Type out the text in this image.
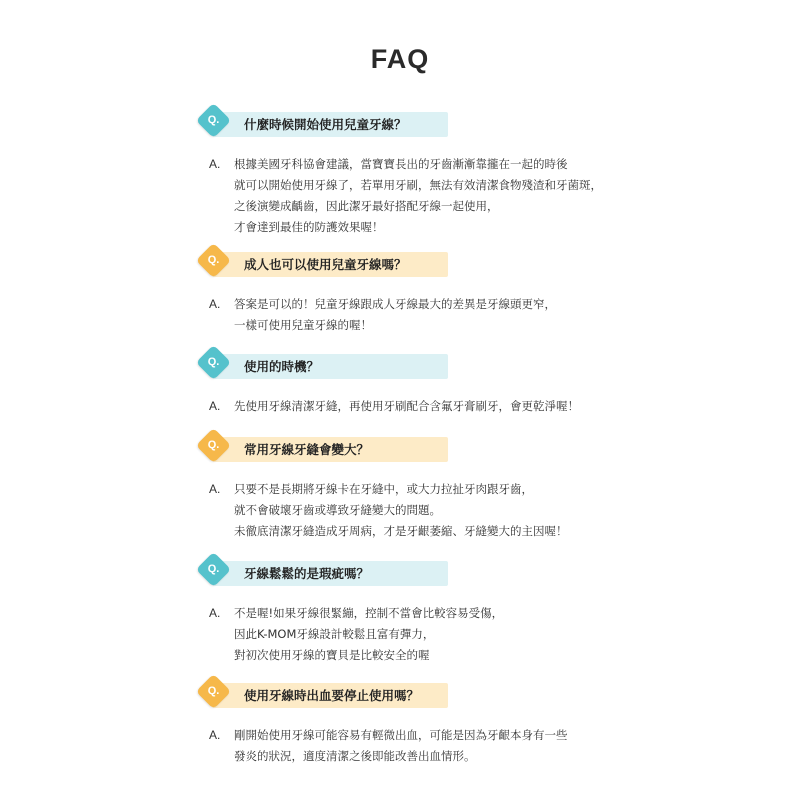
FAQ
Q.	什麼時候開始使用兒童牙線？
A. 根據美國牙科協會建議，當寶寶長出的牙齒漸漸靠攏在一起的時後
就可以開始使用牙線了，若單用牙刷，無法有效清潔食物殘渣和牙菌斑，
之後演變成齲齒，因此潔牙最好搭配牙線一起使用，
才會達到最佳的防護效果喔！
Q.	成人也可以使用兒童牙線嗎？
A. 答案是可以的！兒童牙線跟成人牙線最大的差異是牙線頭更窄，
一樣可使用兒童牙線的喔！
Q.	使用的時機？
A. 先使用牙線清潔牙縫，再使用牙刷配合含氟牙膏刷牙，會更乾淨喔！
Q.	常用牙線牙縫會變大？
A. 只要不是長期將牙線卡在牙縫中，或大力拉扯牙肉跟牙齒，
就不會破壞牙齒或導致牙縫變大的問題。
未徹底清潔牙縫造成牙周病，才是牙齦萎縮、牙縫變大的主因喔！
Q.	牙線鬆鬆的是瑕疵嗎？
A. 不是喔!如果牙線很緊繃，控制不當會比較容易受傷，
因此K-MOM牙線設計較鬆且富有彈力，
對初次使用牙線的寶貝是比較安全的喔
Q.	使用牙線時出血要停止使用嗎？
A. 剛開始使用牙線可能容易有輕微出血，可能是因為牙齦本身有一些
發炎的狀況，適度清潔之後即能改善出血情形。
